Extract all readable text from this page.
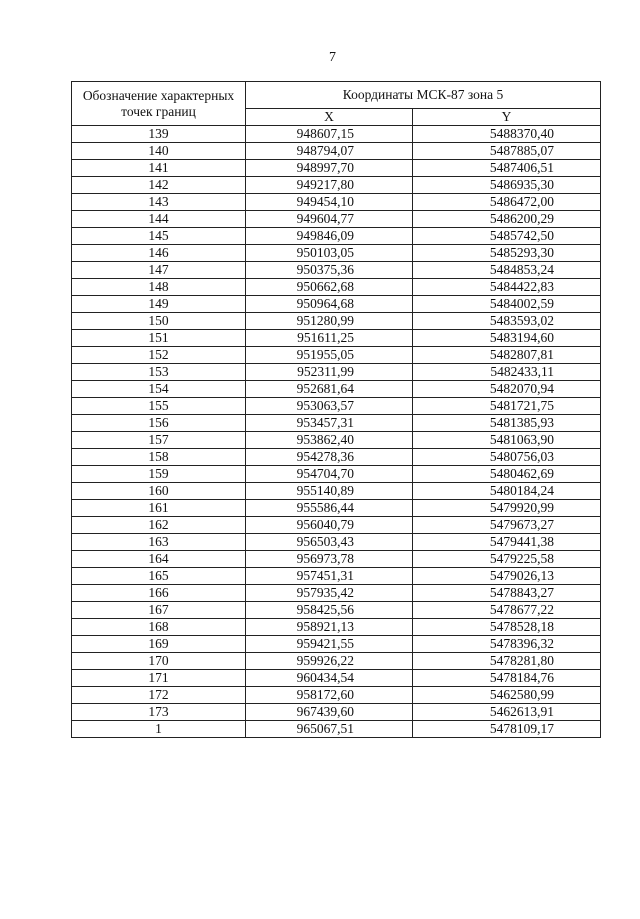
7
Обозначение характерных точек границ	Координаты МСК-87 зона 5	
	X	Y
139	948607,15	5488370,40
140	948794,07	5487885,07
141	948997,70	5487406,51
142	949217,80	5486935,30
143	949454,10	5486472,00
144	949604,77	5486200,29
145	949846,09	5485742,50
146	950103,05	5485293,30
147	950375,36	5484853,24
148	950662,68	5484422,83
149	950964,68	5484002,59
150	951280,99	5483593,02
151	951611,25	5483194,60
152	951955,05	5482807,81
153	952311,99	5482433,11
154	952681,64	5482070,94
155	953063,57	5481721,75
156	953457,31	5481385,93
157	953862,40	5481063,90
158	954278,36	5480756,03
159	954704,70	5480462,69
160	955140,89	5480184,24
161	955586,44	5479920,99
162	956040,79	5479673,27
163	956503,43	5479441,38
164	956973,78	5479225,58
165	957451,31	5479026,13
166	957935,42	5478843,27
167	958425,56	5478677,22
168	958921,13	5478528,18
169	959421,55	5478396,32
170	959926,22	5478281,80
171	960434,54	5478184,76
172	958172,60	5462580,99
173	967439,60	5462613,91
1	965067,51	5478109,17
